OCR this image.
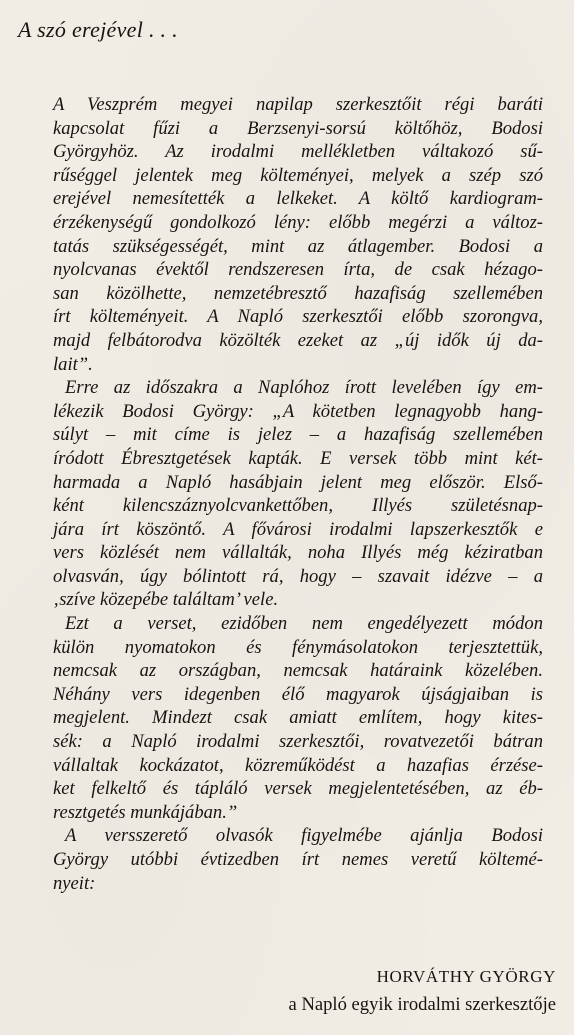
A szó erejével . . .

A Veszprém megyei napilap szerkesztőit régi baráti
kapcsolat fűzi a Berzsenyi-sorsú költőhöz, Bodosi
Györgyhöz. Az irodalmi mellékletben váltakozó sű-
rűséggel jelentek meg költeményei, melyek a szép szó
erejével nemesítették a lelkeket. A költő kardiogram-
érzékenységű gondolkozó lény: előbb megérzi a változ-
tatás szükségességét, mint az átlagember. Bodosi a
nyolcvanas évektől rendszeresen írta, de csak hézago-
san közölhette, nemzetébresztő hazafiság szellemében
írt költeményeit. A Napló szerkesztői előbb szorongva,
majd felbátorodva közölték ezeket az „új idők új da-
lait”.

Erre az időszakra a Naplóhoz írott levelében így em-
lékezik Bodosi György: „A kötetben legnagyobb hang-
súlyt – mit címe is jelez – a hazafiság szellemében
íródott Ébresztgetések kapták. E versek több mint két-
harmada a Napló hasábjain jelent meg először. Első-
ként kilencszáznyolcvankettőben, Illyés születésnap-
jára írt köszöntő. A fővárosi irodalmi lapszerkesztők e
vers közlését nem vállalták, noha Illyés még kéziratban
olvasván, úgy bólintott rá, hogy – szavait idézve – a
‚szíve közepébe találtam’ vele.

Ezt a verset, ezidőben nem engedélyezett módon
külön nyomatokon és fénymásolatokon terjesztettük,
nemcsak az országban, nemcsak határaink közelében.
Néhány vers idegenben élő magyarok újságjaiban is
megjelent. Mindezt csak amiatt említem, hogy kites-
sék: a Napló irodalmi szerkesztői, rovatvezetői bátran
vállaltak kockázatot, közreműködést a hazafias érzése-
ket felkeltő és tápláló versek megjelentetésében, az éb-
resztgetés munkájában.”

A versszerető olvasók figyelmébe ajánlja Bodosi
György utóbbi évtizedben írt nemes veretű költemé-
nyeit:

HORVÁTHY GYÖRGY
a Napló egyik irodalmi szerkesztője
